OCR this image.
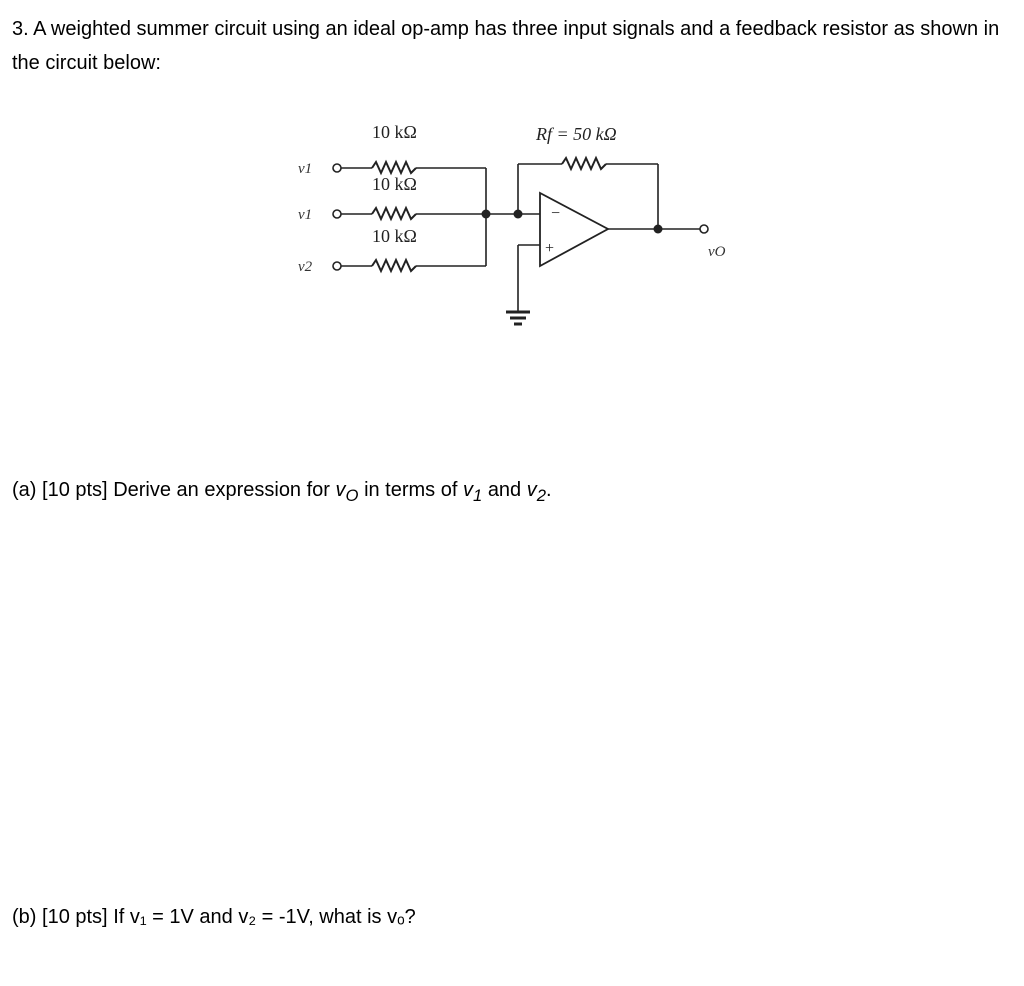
3. A weighted summer circuit using an ideal op-amp has three input signals and a feedback resistor as shown in the circuit below:
−
+
10 kΩ
10 kΩ
10 kΩ
Rf = 50 kΩ
v1
v1
v2
vO
(a) [10 pts] Derive an expression for $v_O$ in terms of $v_1$ and $v_2$.
(b) [10 pts] If v₁ = 1V and v₂ = -1V, what is vₒ?
